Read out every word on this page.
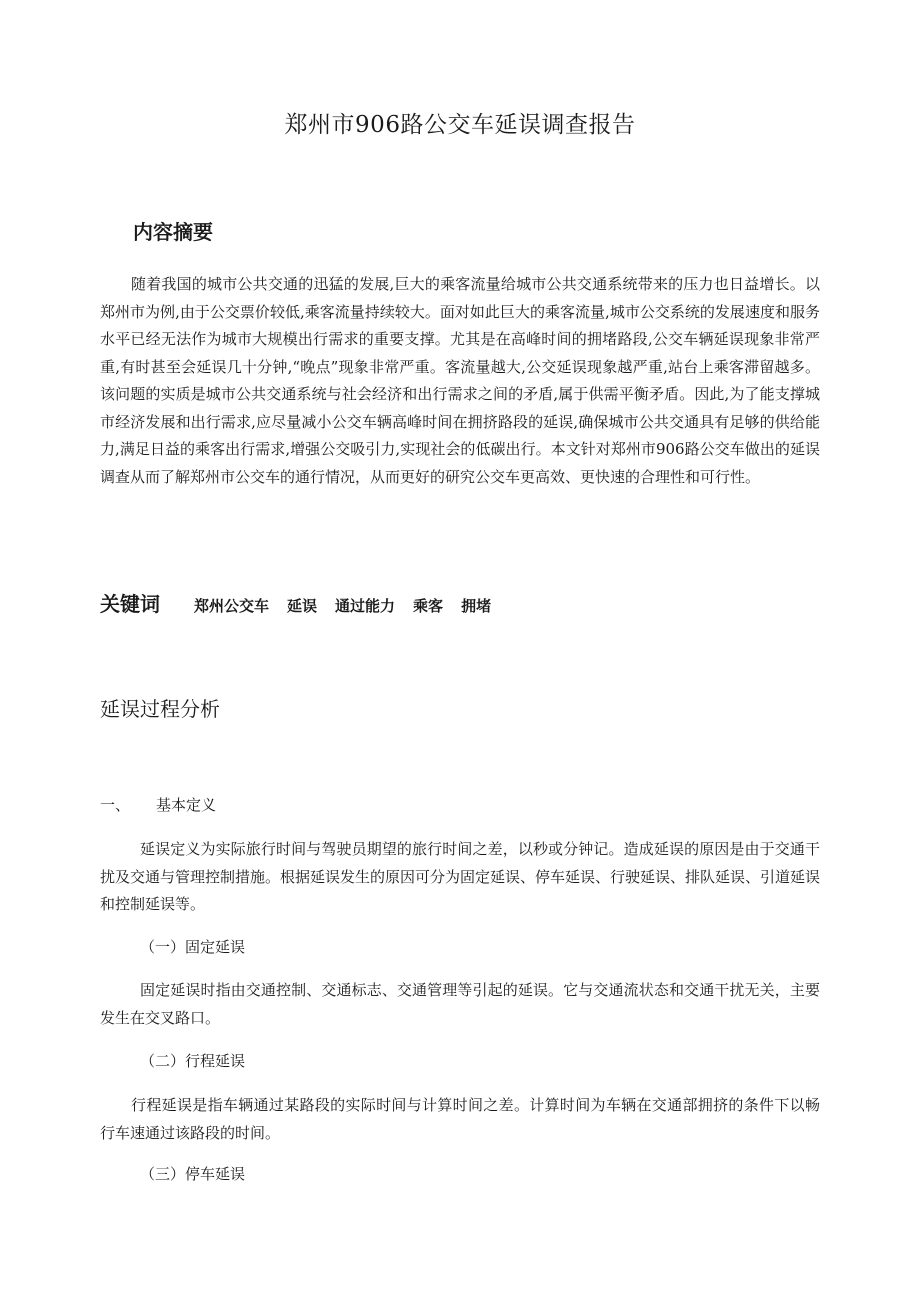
郑州市906路公交车延误调查报告
内容摘要

随着我国的城市公共交通的迅猛的发展,巨大的乘客流量给城市公共交通系统带来的压力也日益增长。以郑州市为例,由于公交票价较低,乘客流量持续较大。面对如此巨大的乘客流量,城市公交系统的发展速度和服务水平已经无法作为城市大规模出行需求的重要支撑。尤其是在高峰时间的拥堵路段,公交车辆延误现象非常严重,有时甚至会延误几十分钟,“晚点”现象非常严重。客流量越大,公交延误现象越严重,站台上乘客滞留越多。该问题的实质是城市公共交通系统与社会经济和出行需求之间的矛盾,属于供需平衡矛盾。因此,为了能支撑城市经济发展和出行需求,应尽量减小公交车辆高峰时间在拥挤路段的延误,确保城市公共交通具有足够的供给能力,满足日益的乘客出行需求,增强公交吸引力,实现社会的低碳出行。本文针对郑州市906路公交车做出的延误调查从而了解郑州市公交车的通行情况，从而更好的研究公交车更高效、更快速的合理性和可行性。

关键词 郑州公交车 延误 通过能力 乘客 拥堵
延误过程分析
一、 基本定义

延误定义为实际旅行时间与驾驶员期望的旅行时间之差，以秒或分钟记。造成延误的原因是由于交通干扰及交通与管理控制措施。根据延误发生的原因可分为固定延误、停车延误、行驶延误、排队延误、引道延误和控制延误等。

（一）固定延误

固定延误时指由交通控制、交通标志、交通管理等引起的延误。它与交通流状态和交通干扰无关，主要发生在交叉路口。

（二）行程延误

行程延误是指车辆通过某路段的实际时间与计算时间之差。计算时间为车辆在交通部拥挤的条件下以畅行车速通过该路段的时间。

（三）停车延误
